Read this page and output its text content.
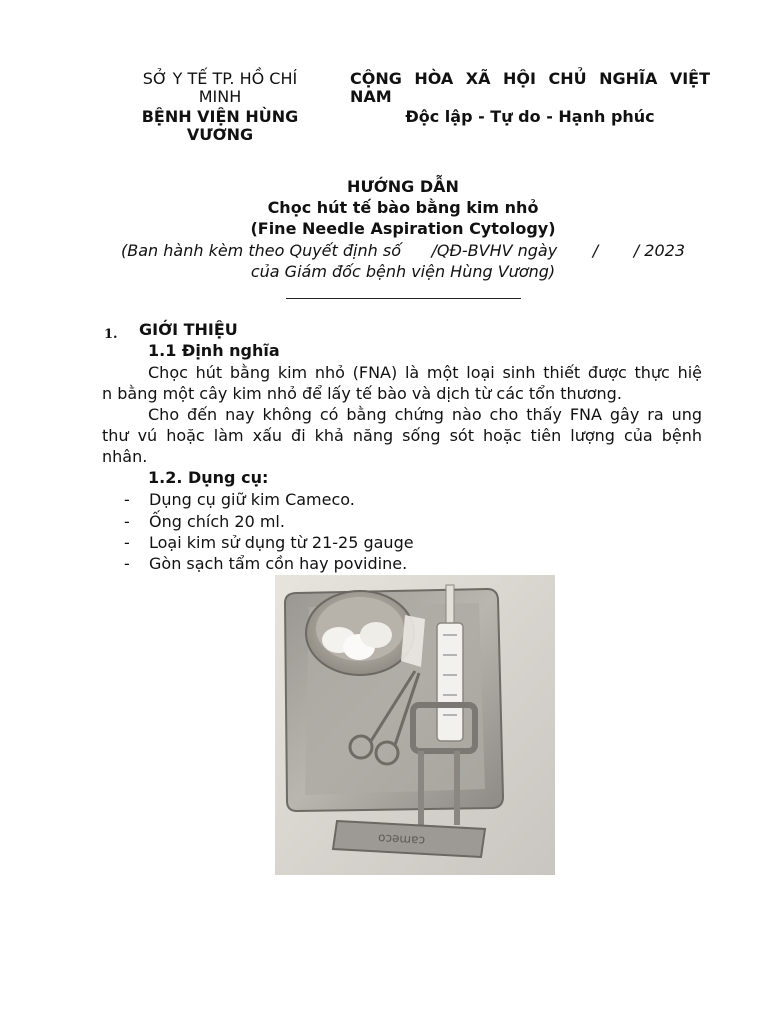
SỞ Y TẾ TP. HỒ CHÍ
MINH
BỆNH VIỆN HÙNG
VƯƠNG
CỘNG HÒA XÃ HỘI CHỦ NGHĨA VIỆT
NAM
Độc lập - Tự do - Hạnh phúc
HƯỚNG DẪN
Chọc hút tế bào bằng kim nhỏ
(Fine Needle Aspiration Cytology)
(Ban hành kèm theo Quyết định số      /QĐ-BVHV ngày       /       / 2023
của Giám đốc bệnh viện Hùng Vương)
1. GIỚI THIỆU
1.1 Định nghĩa
Chọc hút bằng kim nhỏ (FNA) là một loại sinh thiết được thực hiệ
n bằng một cây kim nhỏ để lấy tế bào và dịch từ các tổn thương.
Cho đến nay không có bằng chứng nào cho thấy FNA gây ra ung
thư vú hoặc làm xấu đi khả năng sống sót hoặc tiên lượng của bệnh
nhân.
1.2. Dụng cụ:
- Dụng cụ giữ kim Cameco.
- Ống chích 20 ml.
- Loại kim sử dụng từ 21-25 gauge
- Gòn sạch tẩm cồn hay povidine.
cameco
